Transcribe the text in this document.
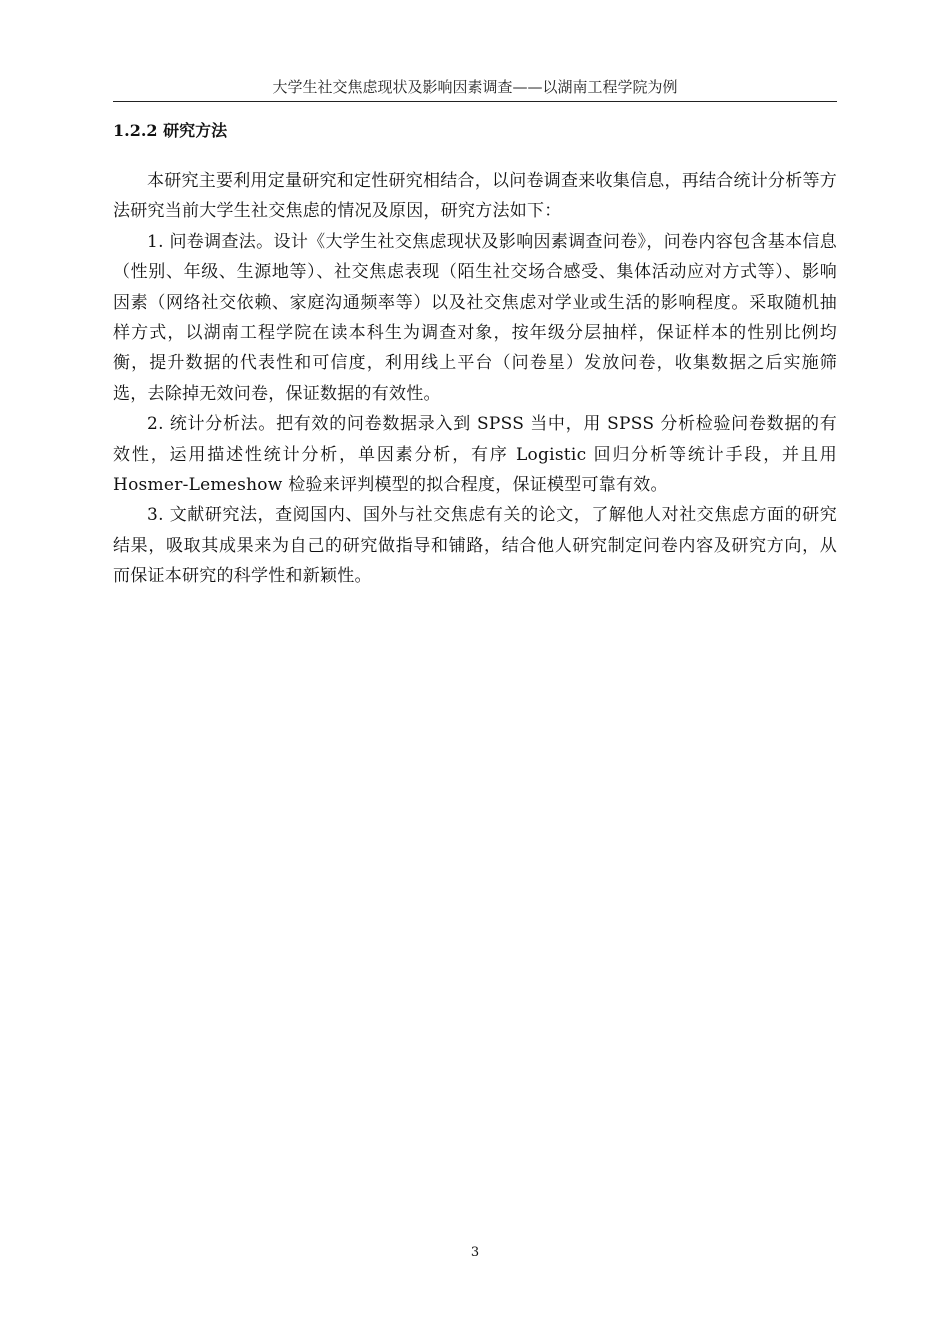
大学生社交焦虑现状及影响因素调查——以湖南工程学院为例
1.2.2 研究方法

本研究主要利用定量研究和定性研究相结合，以问卷调查来收集信息，再结合统计分析等方法研究当前大学生社交焦虑的情况及原因，研究方法如下：

1. 问卷调查法。设计《大学生社交焦虑现状及影响因素调查问卷》，问卷内容包含基本信息（性别、年级、生源地等）、社交焦虑表现（陌生社交场合感受、集体活动应对方式等）、影响因素（网络社交依赖、家庭沟通频率等）以及社交焦虑对学业或生活的影响程度。采取随机抽样方式，以湖南工程学院在读本科生为调查对象，按年级分层抽样，保证样本的性别比例均衡，提升数据的代表性和可信度，利用线上平台（问卷星）发放问卷，收集数据之后实施筛选，去除掉无效问卷，保证数据的有效性。

2. 统计分析法。把有效的问卷数据录入到 SPSS 当中，用 SPSS 分析检验问卷数据的有效性，运用描述性统计分析，单因素分析，有序 Logistic 回归分析等统计手段，并且用 Hosmer-Lemeshow 检验来评判模型的拟合程度，保证模型可靠有效。

3. 文献研究法，查阅国内、国外与社交焦虑有关的论文，了解他人对社交焦虑方面的研究结果，吸取其成果来为自己的研究做指导和铺路，结合他人研究制定问卷内容及研究方向，从而保证本研究的科学性和新颖性。

3
